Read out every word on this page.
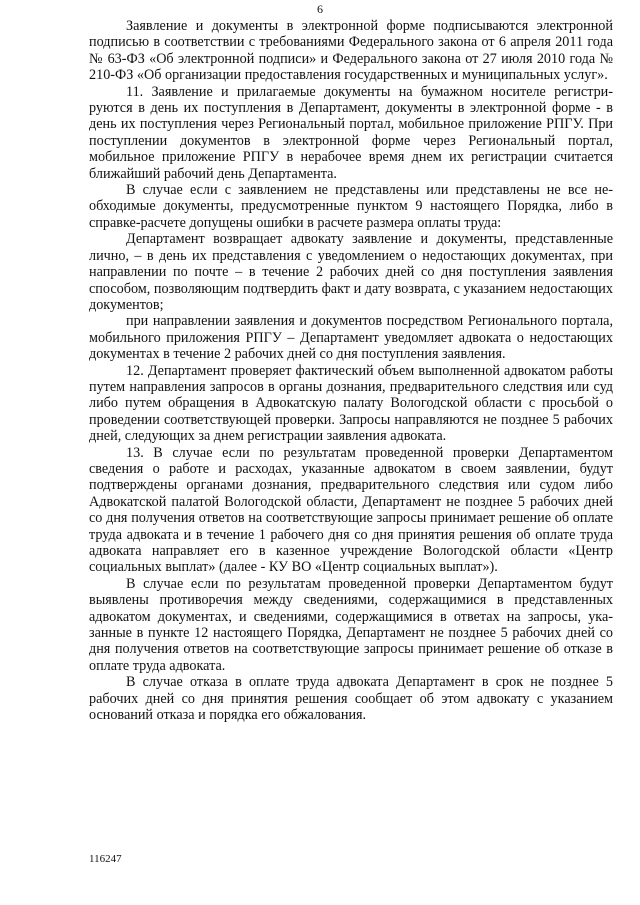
6

Заявление и документы в электронной форме подписываются электронной подписью в соответствии с требованиями Федерального закона от 6 апреля 2011 года № 63-ФЗ «Об электронной подписи» и Федерального закона от 27 июля 2010 года № 210-ФЗ «Об организации предоставления государственных и муниципальных услуг».

11. Заявление и прилагаемые документы на бумажном носителе регистрируются в день их поступления в Департамент, документы в электронной форме - в день их поступления через Региональный портал, мобильное приложение РПГУ. При поступлении документов в электронной форме через Региональный портал, мобильное приложение РПГУ в нерабочее время днем их регистрации считается ближайший рабочий день Департамента.

В случае если с заявлением не представлены или представлены не все необходимые документы, предусмотренные пунктом 9 настоящего Порядка, либо в справке-расчете допущены ошибки в расчете размера оплаты труда:

Департамент возвращает адвокату заявление и документы, представленные лично, – в день их представления с уведомлением о недостающих документах, при направлении по почте – в течение 2 рабочих дней со дня поступления заявления способом, позволяющим подтвердить факт и дату возврата, с указанием недостающих документов;

при направлении заявления и документов посредством Регионального портала, мобильного приложения РПГУ – Департамент уведомляет адвоката о недостающих документах в течение 2 рабочих дней со дня поступления заявления.

12. Департамент проверяет фактический объем выполненной адвокатом работы путем направления запросов в органы дознания, предварительного следствия или суд либо путем обращения в Адвокатскую палату Вологодской области с просьбой о проведении соответствующей проверки. Запросы направляются не позднее 5 рабочих дней, следующих за днем регистрации заявления адвоката.

13. В случае если по результатам проведенной проверки Департаментом сведения о работе и расходах, указанные адвокатом в своем заявлении, будут подтверждены органами дознания, предварительного следствия или судом либо Адвокатской палатой Вологодской области, Департамент не позднее 5 рабочих дней со дня получения ответов на соответствующие запросы принимает решение об оплате труда адвоката и в течение 1 рабочего дня со дня принятия решения об оплате труда адвоката направляет его в казенное учреждение Вологодской области «Центр социальных выплат» (далее - КУ ВО «Центр социальных выплат»).

В случае если по результатам проведенной проверки Департаментом будут выявлены противоречия между сведениями, содержащимися в представленных адвокатом документах, и сведениями, содержащимися в ответах на запросы, указанные в пункте 12 настоящего Порядка, Департамент не позднее 5 рабочих дней со дня получения ответов на соответствующие запросы принимает решение об отказе в оплате труда адвоката.

В случае отказа в оплате труда адвоката Департамент в срок не позднее 5 рабочих дней со дня принятия решения сообщает об этом адвокату с указанием оснований отказа и порядка его обжалования.

116247
